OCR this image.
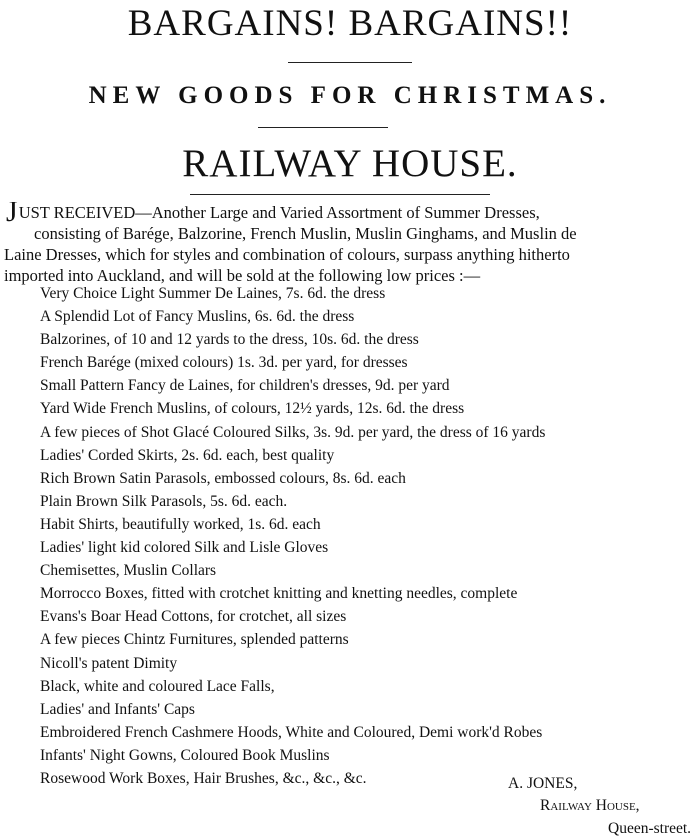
BARGAINS! BARGAINS!!
NEW GOODS FOR CHRISTMAS.
RAILWAY HOUSE.
JUST RECEIVED—Another Large and Varied Assortment of Summer Dresses,
consisting of Barége, Balzorine, French Muslin, Muslin Ginghams, and Muslin de
Laine Dresses, which for styles and combination of colours, surpass anything hitherto
imported into Auckland, and will be sold at the following low prices :—
Very Choice Light Summer De Laines, 7s. 6d. the dress
A Splendid Lot of Fancy Muslins, 6s. 6d. the dress
Balzorines, of 10 and 12 yards to the dress, 10s. 6d. the dress
French Barége (mixed colours) 1s. 3d. per yard, for dresses
Small Pattern Fancy de Laines, for children's dresses, 9d. per yard
Yard Wide French Muslins, of colours, 12½ yards, 12s. 6d. the dress
A few pieces of Shot Glacé Coloured Silks, 3s. 9d. per yard, the dress of 16 yards
Ladies' Corded Skirts, 2s. 6d. each, best quality
Rich Brown Satin Parasols, embossed colours, 8s. 6d. each
Plain Brown Silk Parasols, 5s. 6d. each.
Habit Shirts, beautifully worked, 1s. 6d. each
Ladies' light kid colored Silk and Lisle Gloves
Chemisettes, Muslin Collars
Morrocco Boxes, fitted with crotchet knitting and knetting needles, complete
Evans's Boar Head Cottons, for crotchet, all sizes
A few pieces Chintz Furnitures, splended patterns
Nicoll's patent Dimity
Black, white and coloured Lace Falls,
Ladies' and Infants' Caps
Embroidered French Cashmere Hoods, White and Coloured, Demi work'd Robes
Infants' Night Gowns, Coloured Book Muslins
Rosewood Work Boxes, Hair Brushes, &c., &c., &c.	A. JONES,
Railway House,
Queen-street.
